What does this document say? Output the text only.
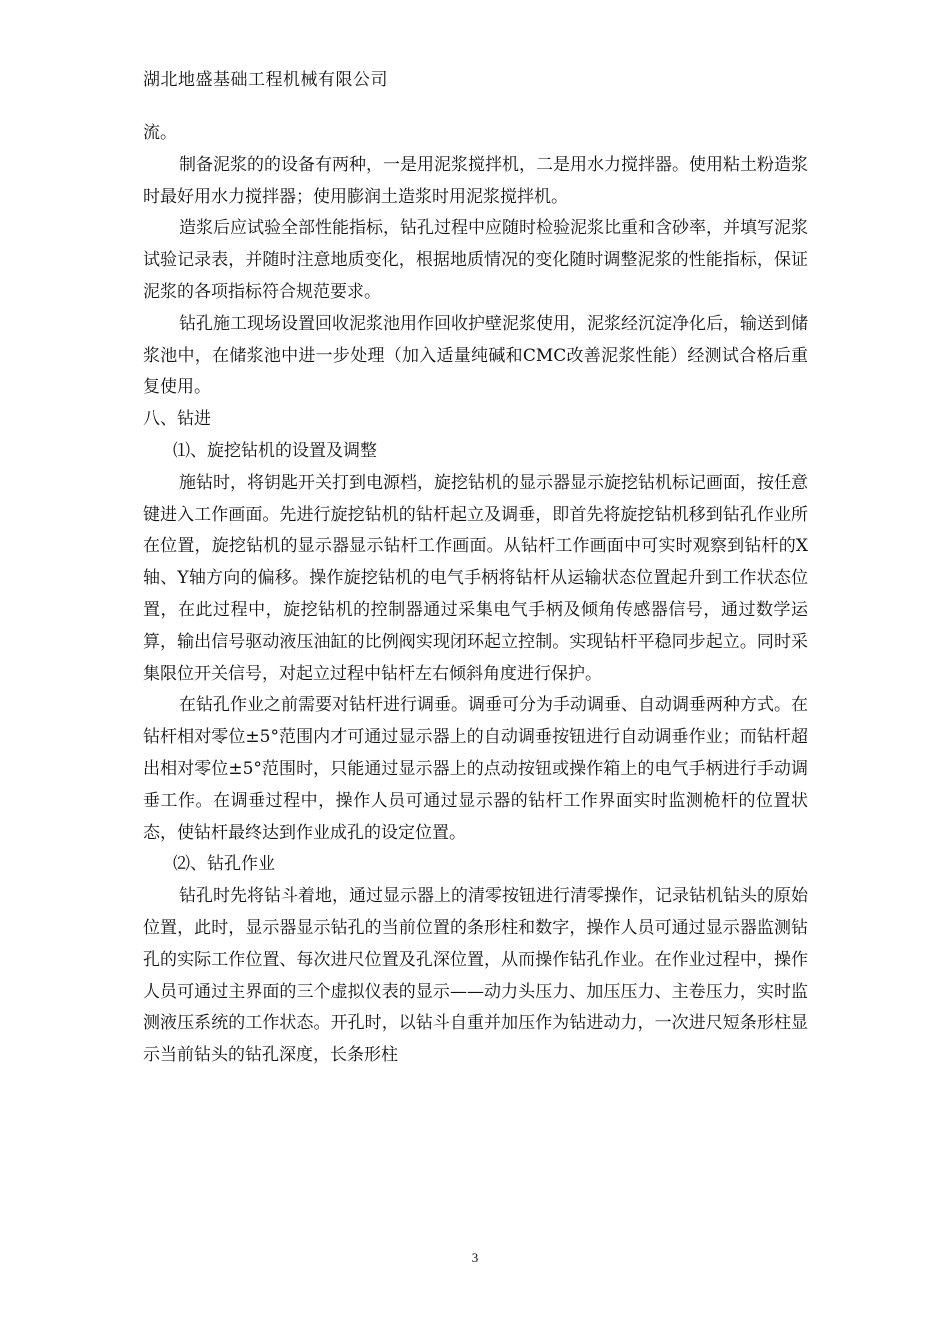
湖北地盛基础工程机械有限公司

流。

制备泥浆的的设备有两种，一是用泥浆搅拌机，二是用水力搅拌器。使用粘土粉造浆时最好用水力搅拌器；使用膨润土造浆时用泥浆搅拌机。

造浆后应试验全部性能指标，钻孔过程中应随时检验泥浆比重和含砂率，并填写泥浆试验记录表，并随时注意地质变化，根据地质情况的变化随时调整泥浆的性能指标，保证泥浆的各项指标符合规范要求。

钻孔施工现场设置回收泥浆池用作回收护壁泥浆使用，泥浆经沉淀净化后，输送到储浆池中，在储浆池中进一步处理（加入适量纯碱和CMC改善泥浆性能）经测试合格后重复使用。

八、钻进

⑴、旋挖钻机的设置及调整

施钻时，将钥匙开关打到电源档，旋挖钻机的显示器显示旋挖钻机标记画面，按任意键进入工作画面。先进行旋挖钻机的钻杆起立及调垂，即首先将旋挖钻机移到钻孔作业所在位置，旋挖钻机的显示器显示钻杆工作画面。从钻杆工作画面中可实时观察到钻杆的X轴、Y轴方向的偏移。操作旋挖钻机的电气手柄将钻杆从运输状态位置起升到工作状态位置，在此过程中，旋挖钻机的控制器通过采集电气手柄及倾角传感器信号，通过数学运算，输出信号驱动液压油缸的比例阀实现闭环起立控制。实现钻杆平稳同步起立。同时采集限位开关信号，对起立过程中钻杆左右倾斜角度进行保护。

在钻孔作业之前需要对钻杆进行调垂。调垂可分为手动调垂、自动调垂两种方式。在钻杆相对零位±5°范围内才可通过显示器上的自动调垂按钮进行自动调垂作业；而钻杆超出相对零位±5°范围时，只能通过显示器上的点动按钮或操作箱上的电气手柄进行手动调垂工作。在调垂过程中，操作人员可通过显示器的钻杆工作界面实时监测桅杆的位置状态，使钻杆最终达到作业成孔的设定位置。

⑵、钻孔作业

钻孔时先将钻斗着地，通过显示器上的清零按钮进行清零操作，记录钻机钻头的原始位置，此时，显示器显示钻孔的当前位置的条形柱和数字，操作人员可通过显示器监测钻孔的实际工作位置、每次进尺位置及孔深位置，从而操作钻孔作业。在作业过程中，操作人员可通过主界面的三个虚拟仪表的显示——动力头压力、加压压力、主卷压力，实时监测液压系统的工作状态。开孔时，以钻斗自重并加压作为钻进动力，一次进尺短条形柱显示当前钻头的钻孔深度，长条形柱

3
